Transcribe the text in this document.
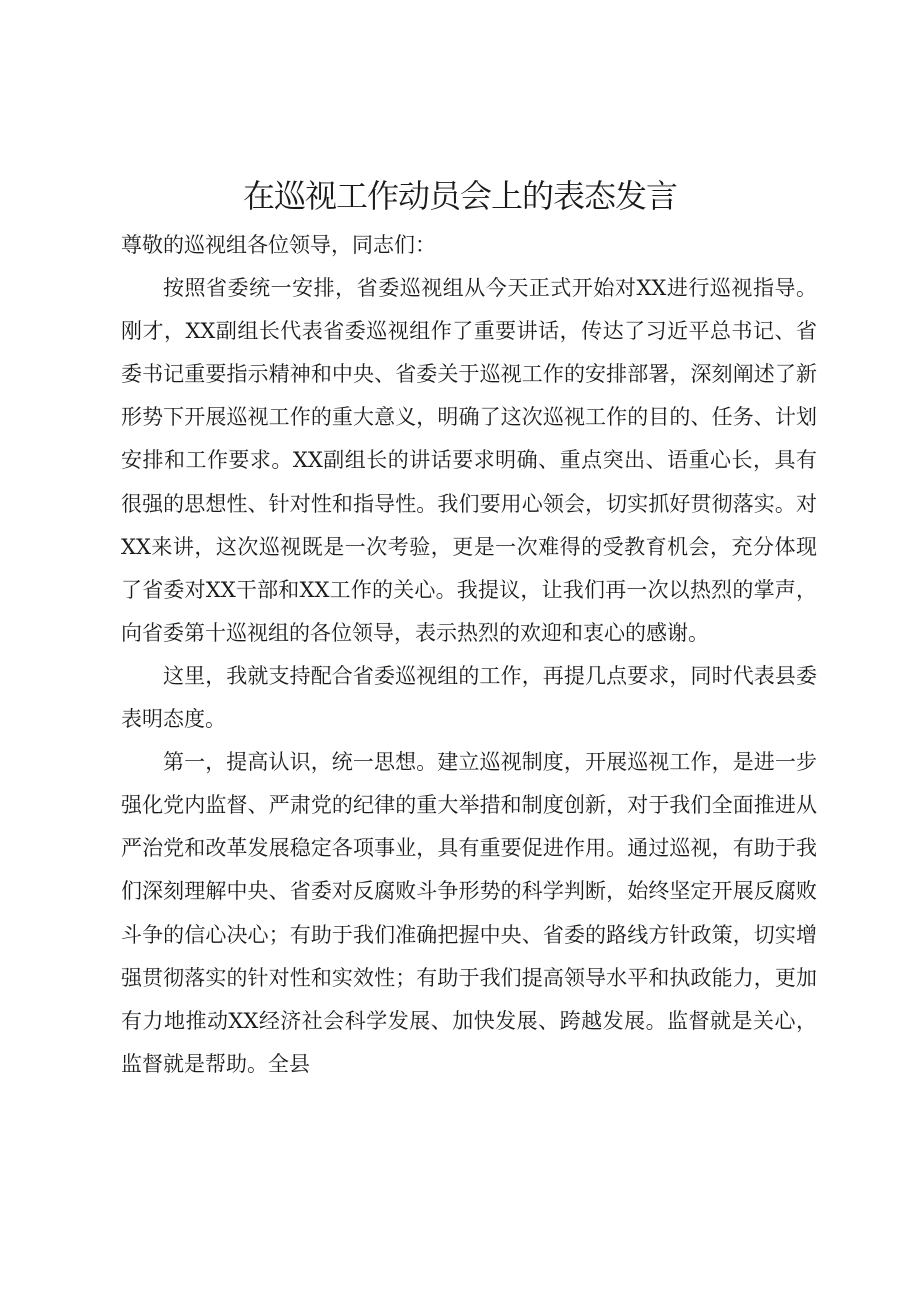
在巡视工作动员会上的表态发言

尊敬的巡视组各位领导，同志们：

按照省委统一安排，省委巡视组从今天正式开始对XX进行巡视指导。刚才，XX副组长代表省委巡视组作了重要讲话，传达了习近平总书记、省委书记重要指示精神和中央、省委关于巡视工作的安排部署，深刻阐述了新形势下开展巡视工作的重大意义，明确了这次巡视工作的目的、任务、计划安排和工作要求。XX副组长的讲话要求明确、重点突出、语重心长，具有很强的思想性、针对性和指导性。我们要用心领会，切实抓好贯彻落实。对XX来讲，这次巡视既是一次考验，更是一次难得的受教育机会，充分体现了省委对XX干部和XX工作的关心。我提议，让我们再一次以热烈的掌声，向省委第十巡视组的各位领导，表示热烈的欢迎和衷心的感谢。

这里，我就支持配合省委巡视组的工作，再提几点要求，同时代表县委表明态度。

第一，提高认识，统一思想。建立巡视制度，开展巡视工作，是进一步强化党内监督、严肃党的纪律的重大举措和制度创新，对于我们全面推进从严治党和改革发展稳定各项事业，具有重要促进作用。通过巡视，有助于我们深刻理解中央、省委对反腐败斗争形势的科学判断，始终坚定开展反腐败斗争的信心决心；有助于我们准确把握中央、省委的路线方针政策，切实增强贯彻落实的针对性和实效性；有助于我们提高领导水平和执政能力，更加有力地推动XX经济社会科学发展、加快发展、跨越发展。监督就是关心，监督就是帮助。全县
